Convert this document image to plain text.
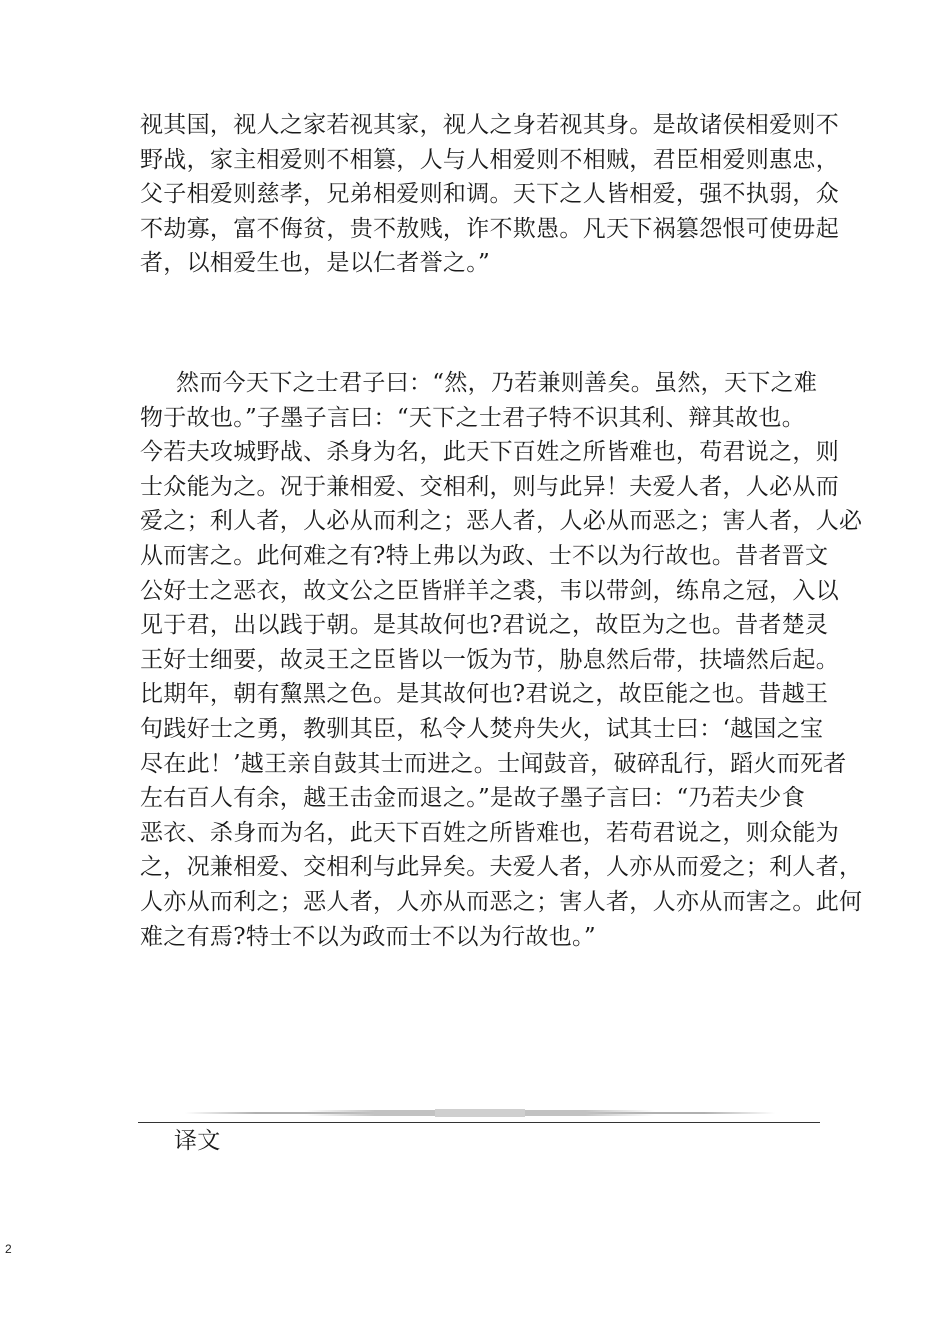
视其国，视人之家若视其家，视人之身若视其身。是故诸侯相爱则不
野战，家主相爱则不相篡，人与人相爱则不相贼，君臣相爱则惠忠，
父子相爱则慈孝，兄弟相爱则和调。天下之人皆相爱，强不执弱，众
不劫寡，富不侮贫，贵不敖贱，诈不欺愚。凡天下祸篡怨恨可使毋起
者，以相爱生也，是以仁者誉之。”
然而今天下之士君子曰：“然，乃若兼则善矣。虽然，天下之难
物于故也。”子墨子言曰：“天下之士君子特不识其利、辩其故也。
今若夫攻城野战、杀身为名，此天下百姓之所皆难也，苟君说之，则
士众能为之。况于兼相爱、交相利，则与此异！夫爱人者，人必从而
爱之；利人者，人必从而利之；恶人者，人必从而恶之；害人者，人必
从而害之。此何难之有?特上弗以为政、士不以为行故也。昔者晋文
公好士之恶衣，故文公之臣皆牂羊之裘，韦以带剑，练帛之冠，入以
见于君，出以践于朝。是其故何也?君说之，故臣为之也。昔者楚灵
王好士细要，故灵王之臣皆以一饭为节，胁息然后带，扶墙然后起。
比期年，朝有黧黑之色。是其故何也?君说之，故臣能之也。昔越王
句践好士之勇，教驯其臣，私令人焚舟失火，试其士曰：‘越国之宝
尽在此！’越王亲自鼓其士而进之。士闻鼓音，破碎乱行，蹈火而死者
左右百人有余，越王击金而退之。”是故子墨子言曰：“乃若夫少食
恶衣、杀身而为名，此天下百姓之所皆难也，若苟君说之，则众能为
之，况兼相爱、交相利与此异矣。夫爱人者，人亦从而爱之；利人者，
人亦从而利之；恶人者，人亦从而恶之；害人者，人亦从而害之。此何
难之有焉?特士不以为政而士不以为行故也。”
译文
2
